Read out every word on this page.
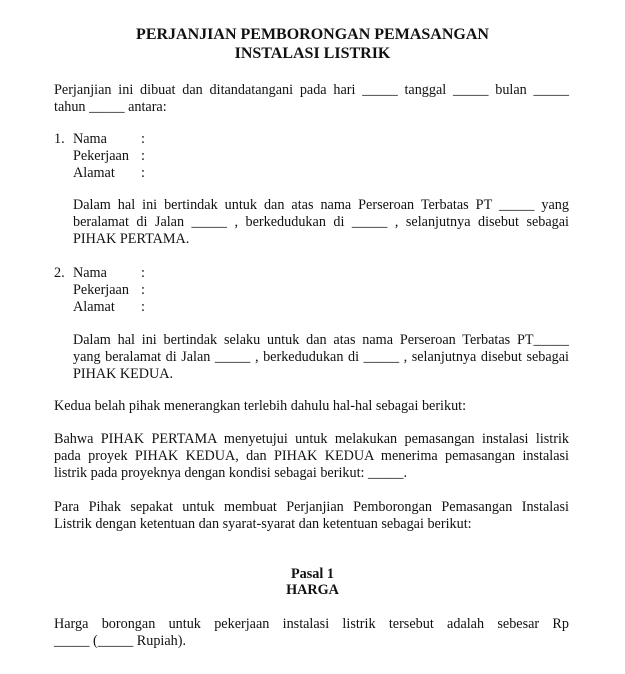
PERJANJIAN PEMBORONGAN PEMASANGAN
INSTALASI LISTRIK
Perjanjian ini dibuat dan ditandatangani pada hari _____ tanggal _____ bulan _____
tahun _____ antara:
1. Nama :
Pekerjaan :
Alamat :
Dalam hal ini bertindak untuk dan atas nama Perseroan Terbatas PT _____ yang
beralamat di Jalan _____ , berkedudukan di _____ , selanjutnya disebut sebagai
PIHAK PERTAMA.
2. Nama :
Pekerjaan :
Alamat :
Dalam hal ini bertindak selaku untuk dan atas nama Perseroan Terbatas PT_____
yang beralamat di Jalan _____ , berkedudukan di _____ , selanjutnya disebut sebagai
PIHAK KEDUA.
Kedua belah pihak menerangkan terlebih dahulu hal-hal sebagai berikut:
Bahwa PIHAK PERTAMA menyetujui untuk melakukan pemasangan instalasi listrik
pada proyek PIHAK KEDUA, dan PIHAK KEDUA menerima pemasangan instalasi
listrik pada proyeknya dengan kondisi sebagai berikut: _____.
Para Pihak sepakat untuk membuat Perjanjian Pemborongan Pemasangan Instalasi
Listrik dengan ketentuan dan syarat-syarat dan ketentuan sebagai berikut:
Pasal 1
HARGA
Harga borongan untuk pekerjaan instalasi listrik tersebut adalah sebesar Rp
_____ (_____ Rupiah).
